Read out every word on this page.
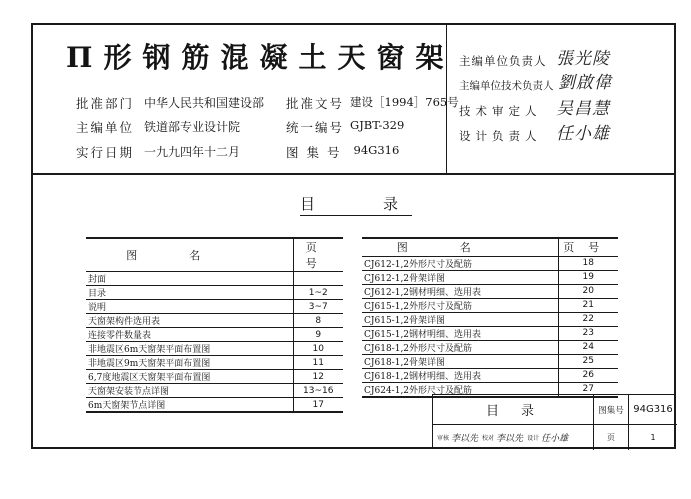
Π形钢筋混凝土天窗架
批准部门 中华人民共和国建设部
主编单位 铁道部专业设计院
实行日期 一九九四年十二月
批准文号 建设［1994］765号
统一编号 GJBT-329
图集号 94G316
主编单位负责人 張光陵
主编单位技术负责人 劉啟偉
技术审定人 吴昌慧
设计负责人 任小雄
目录
图名	页号
封面	
目录	1~2
说明	3~7
天窗架构件选用表	8
连接零件数量表	9
非地震区6m天窗架平面布置图	10
非地震区9m天窗架平面布置图	11
6,7度地震区天窗架平面布置图	12
天窗架安装节点详图	13~16
6m天窗架节点详图	17
图名	页号
CJ612-1,2外形尺寸及配筋	18
CJ612-1,2骨架详图	19
CJ612-1,2钢材明细、选用表	20
CJ615-1,2外形尺寸及配筋	21
CJ615-1,2骨架详图	22
CJ615-1,2钢材明细、选用表	23
CJ618-1,2外形尺寸及配筋	24
CJ618-1,2骨架详图	25
CJ618-1,2钢材明细、选用表	26
CJ624-1,2外形尺寸及配筋	27
目录	图集号 94G316
审核 李以先 校对 李以先 设计 任小雄	页	1
